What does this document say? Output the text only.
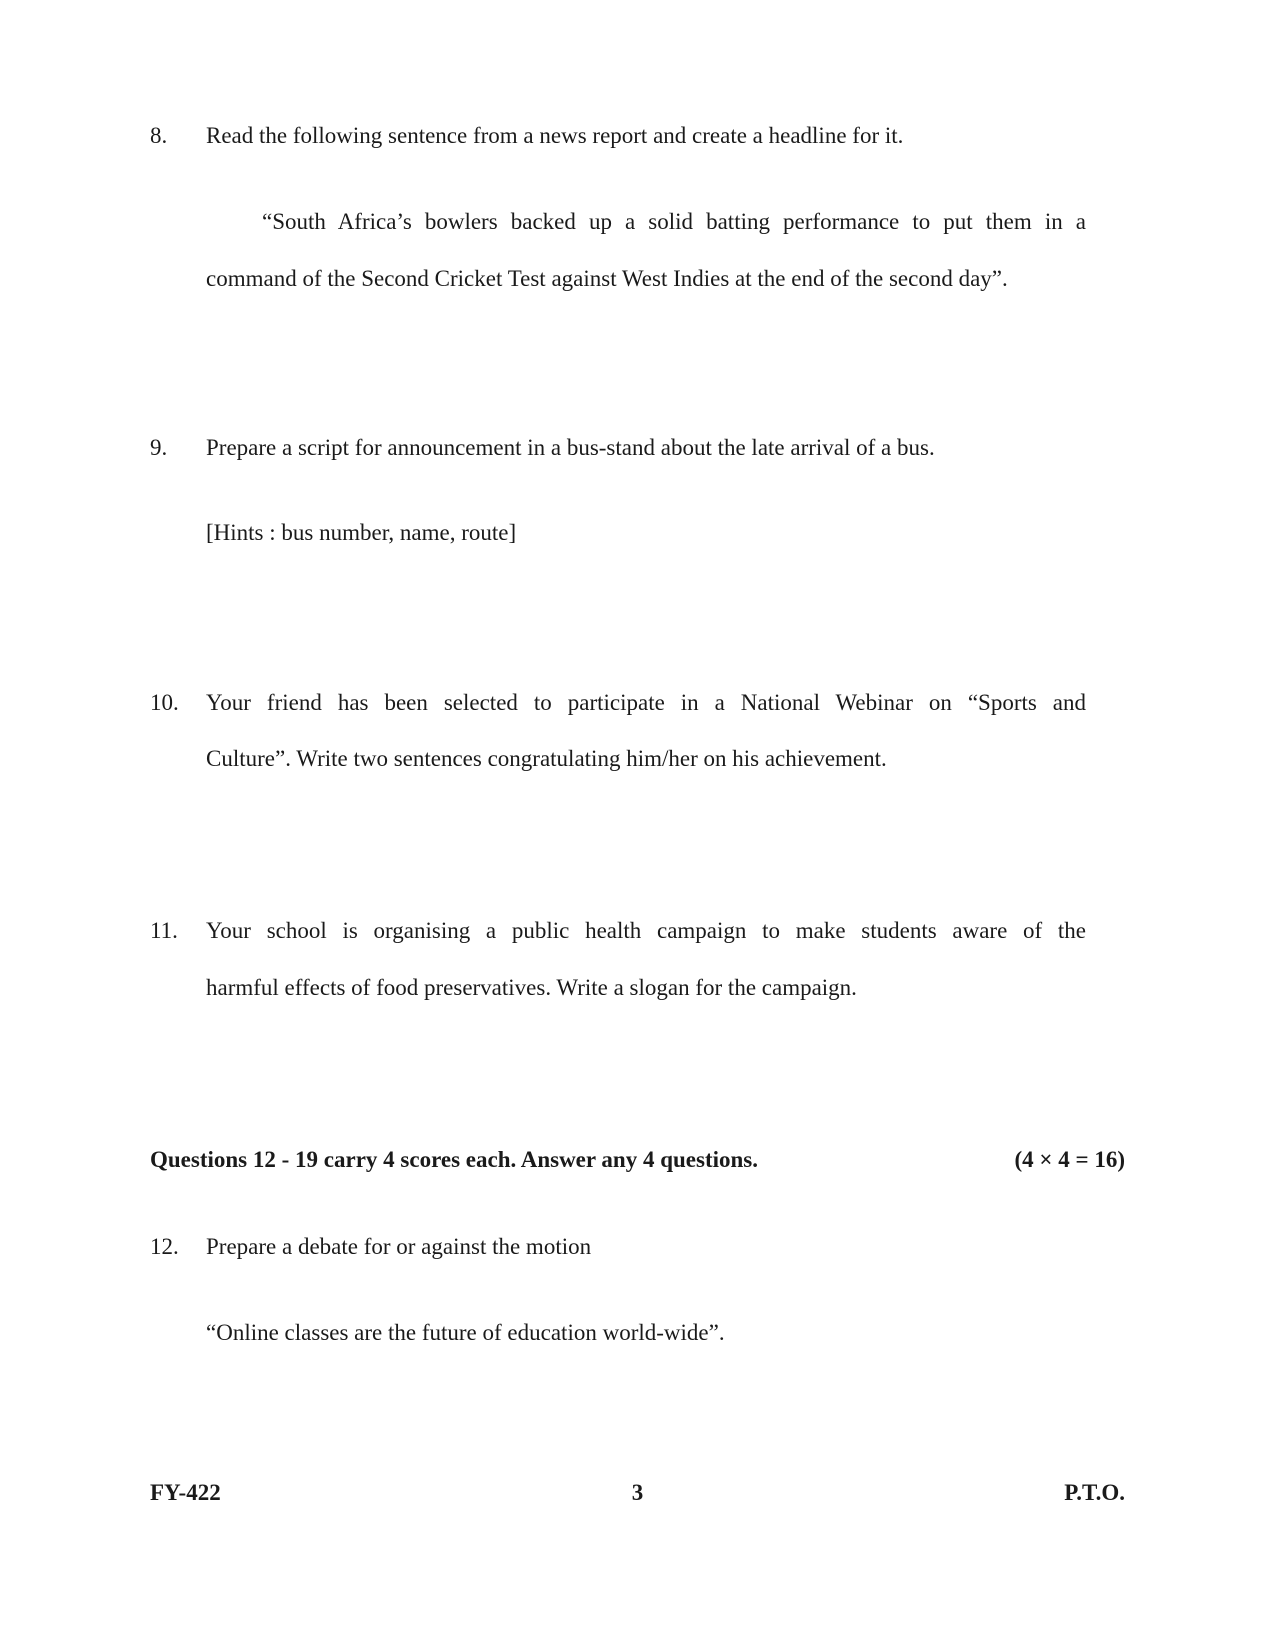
8. Read the following sentence from a news report and create a headline for it.
“South Africa’s bowlers backed up a solid batting performance to put them in a
command of the Second Cricket Test against West Indies at the end of the second day”.
9. Prepare a script for announcement in a bus-stand about the late arrival of a bus.
[Hints : bus number, name, route]
10. Your friend has been selected to participate in a National Webinar on “Sports and
Culture”. Write two sentences congratulating him/her on his achievement.
11. Your school is organising a public health campaign to make students aware of the
harmful effects of food preservatives. Write a slogan for the campaign.
Questions 12 - 19 carry 4 scores each. Answer any 4 questions.	(4 × 4 = 16)
12. Prepare a debate for or against the motion
“Online classes are the future of education world-wide”.
FY-422	3	P.T.O.
